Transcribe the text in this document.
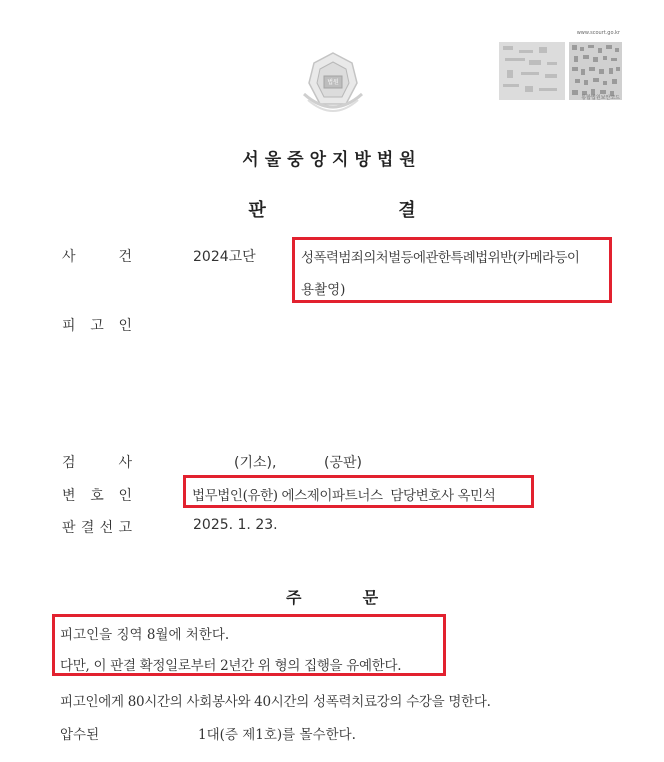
법원
www.scourt.go.kr
통합법원보안코드
서울중앙지방법원
판	결
사	건	2024고단	성폭력범죄의처벌등에관한특례법위반(카메라등이
용촬영)
피 고 인
검	사	(기소),	(공판)
변 호 인	법무법인(유한) 에스제이파트너스  담당변호사 옥민석
판 결 선 고	2025. 1. 23.
주	문
피고인을 징역 8월에 처한다.
다만, 이 판결 확정일로부터 2년간 위 형의 집행을 유예한다.
피고인에게 80시간의 사회봉사와 40시간의 성폭력치료강의 수강을 명한다.
압수된	1대(증 제1호)를 몰수한다.
